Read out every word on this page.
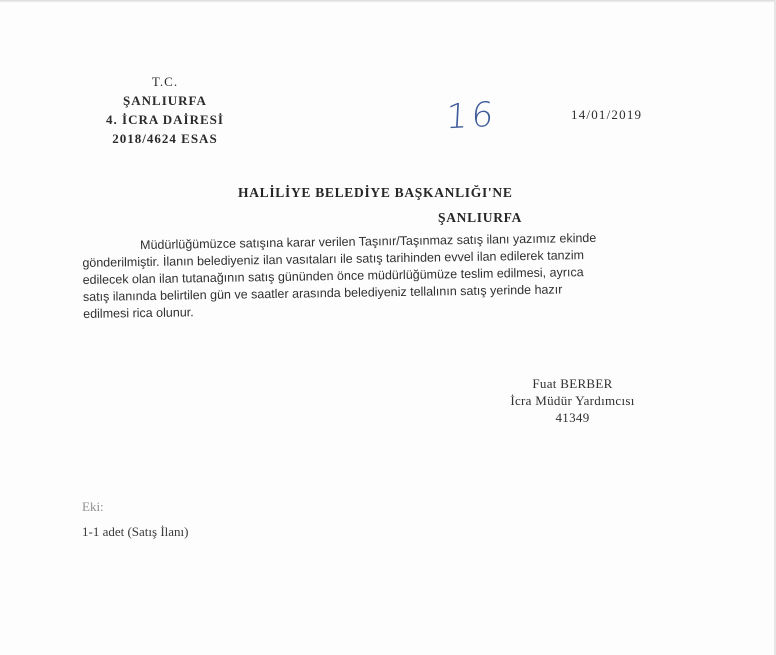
T.C.
ŞANLIURFA
4. İCRA DAİRESİ
2018/4624 ESAS
16	14/01/2019
HALİLİYE BELEDİYE BAŞKANLIĞI'NE
ŞANLIURFA
Müdürlüğümüzce satışına karar verilen Taşınır/Taşınmaz satış ilanı yazımız ekinde
gönderilmiştir. İlanın belediyeniz ilan vasıtaları ile satış tarihinden evvel ilan edilerek tanzim
edilecek olan ilan tutanağının satış gününden önce müdürlüğümüze teslim edilmesi, ayrıca
satış ilanında belirtilen gün ve saatler arasında belediyeniz tellalının satış yerinde hazır
edilmesi rica olunur.
Fuat BERBER
İcra Müdür Yardımcısı
41349
Eki:
1-1 adet (Satış İlanı)
